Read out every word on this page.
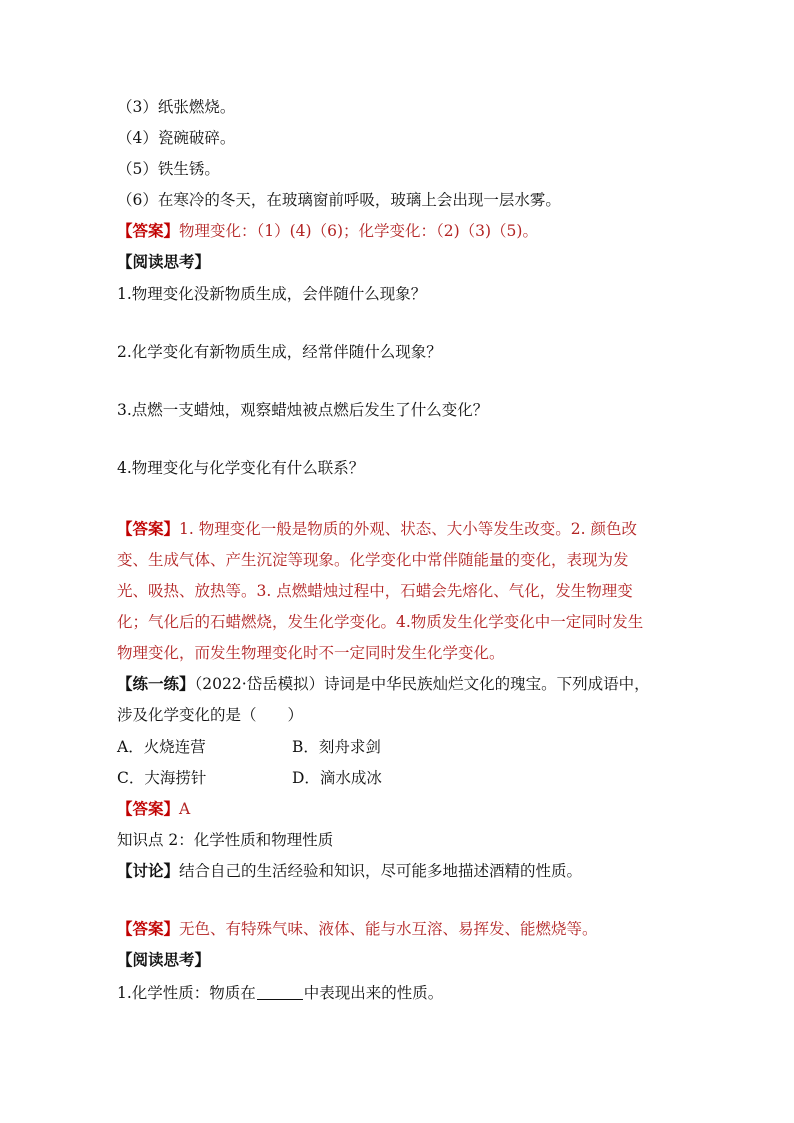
（3）纸张燃烧。
（4）瓷碗破碎。
（5）铁生锈。
（6）在寒冷的冬天，在玻璃窗前呼吸，玻璃上会出现一层水雾。
【答案】物理变化：（1）(4)（6)；化学变化：（2)（3)（5)。
【阅读思考】
1.物理变化没新物质生成，会伴随什么现象？
2.化学变化有新物质生成，经常伴随什么现象？
3.点燃一支蜡烛，观察蜡烛被点燃后发生了什么变化？
4.物理变化与化学变化有什么联系？
【答案】1. 物理变化一般是物质的外观、状态、大小等发生改变。2. 颜色改
变、生成气体、产生沉淀等现象。化学变化中常伴随能量的变化，表现为发
光、吸热、放热等。3. 点燃蜡烛过程中，石蜡会先熔化、气化，发生物理变
化；气化后的石蜡燃烧，发生化学变化。4.物质发生化学变化中一定同时发生
物理变化，而发生物理变化时不一定同时发生化学变化。
【练一练】（2022·岱岳模拟）诗词是中华民族灿烂文化的瑰宝。下列成语中，
涉及化学变化的是（　　）
A．火烧连营	B．刻舟求剑
C．大海捞针	D．滴水成冰
【答案】A
知识点 2：化学性质和物理性质
【讨论】结合自己的生活经验和知识，尽可能多地描述酒精的性质。
【答案】无色、有特殊气味、液体、能与水互溶、易挥发、能燃烧等。
【阅读思考】
1.化学性质：物质在	中表现出来的性质。
